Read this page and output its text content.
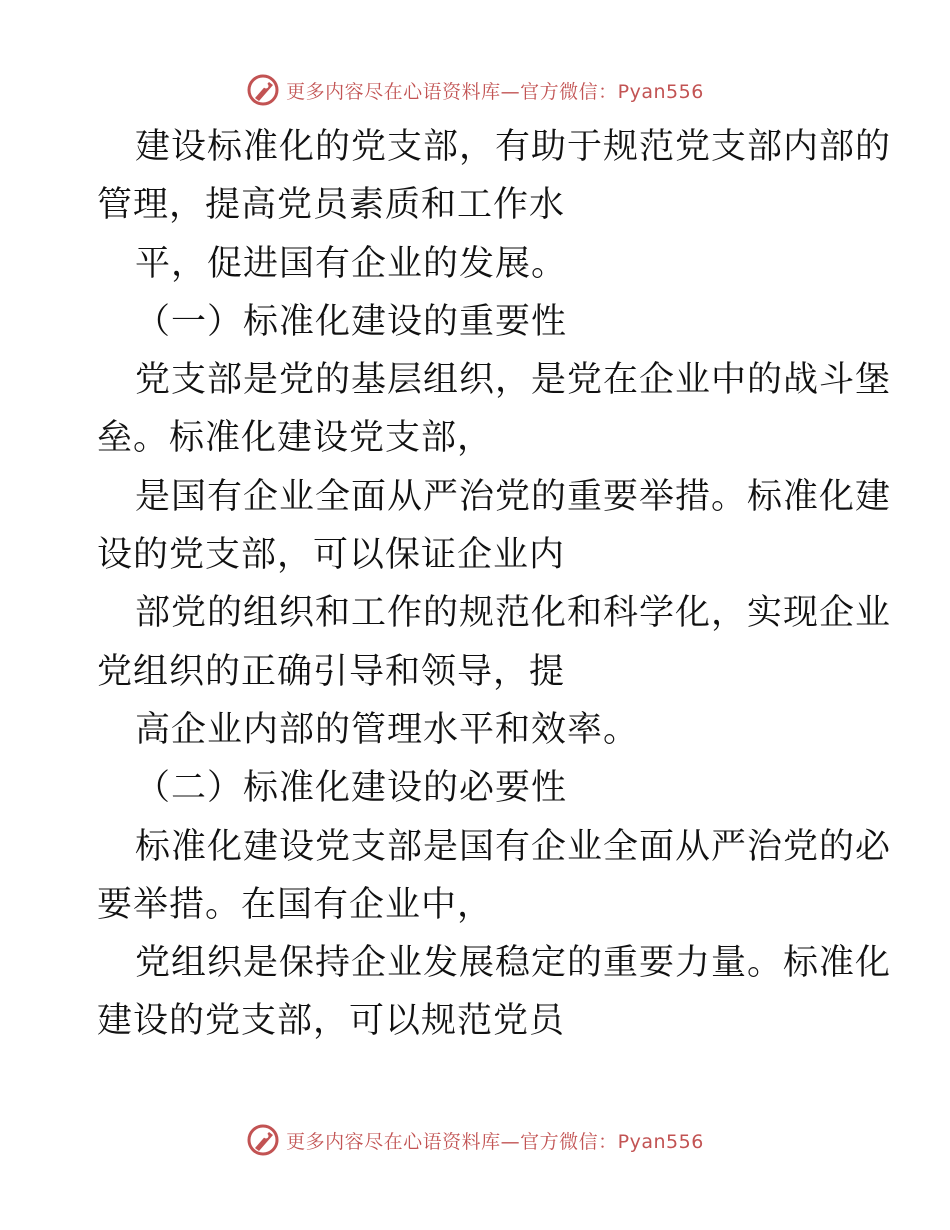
更多内容尽在心语资料库—官方微信：Pyan556
建设标准化的党支部，有助于规范党支部内部的
管理，提高党员素质和工作水
平，促进国有企业的发展。
（一）标准化建设的重要性
党支部是党的基层组织，是党在企业中的战斗堡
垒。标准化建设党支部，
是国有企业全面从严治党的重要举措。标准化建
设的党支部，可以保证企业内
部党的组织和工作的规范化和科学化，实现企业
党组织的正确引导和领导，提
高企业内部的管理水平和效率。
（二）标准化建设的必要性
标准化建设党支部是国有企业全面从严治党的必
要举措。在国有企业中，
党组织是保持企业发展稳定的重要力量。标准化
建设的党支部，可以规范党员
更多内容尽在心语资料库—官方微信：Pyan556
